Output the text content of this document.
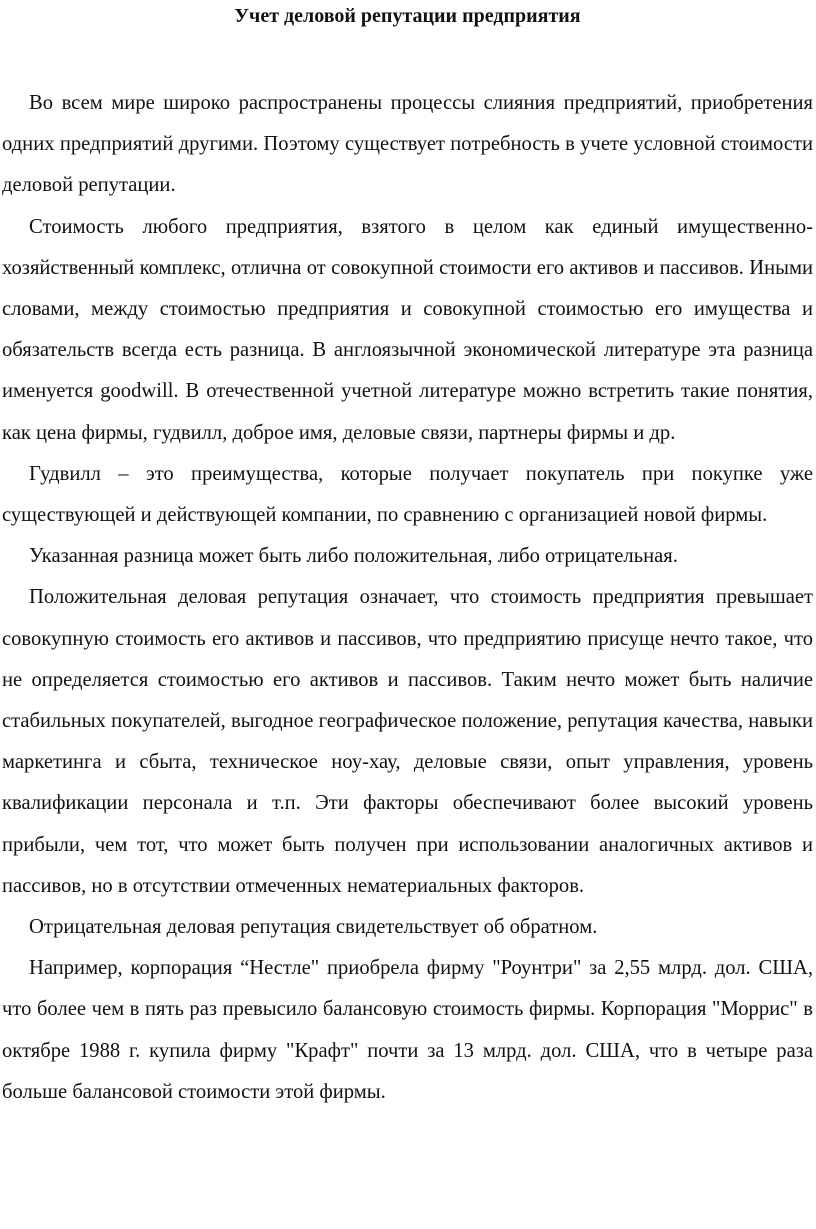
Учет деловой репутации предприятия

Во всем мире широко распространены процессы слияния предприятий, приобретения одних предприятий другими. Поэтому существует потребность в учете условной стоимости деловой репутации.

Стоимость любого предприятия, взятого в целом как единый имущественно-хозяйственный комплекс, отлична от совокупной стоимости его активов и пассивов. Иными словами, между стоимостью предприятия и совокупной стоимостью его имущества и обязательств всегда есть разница. В англоязычной экономической литературе эта разница именуется goodwill. В отечественной учетной литературе можно встретить такие понятия, как цена фирмы, гудвилл, доброе имя, деловые связи, партнеры фирмы и др.

Гудвилл – это преимущества, которые получает покупатель при покупке уже существующей и действующей компании, по сравнению с организацией новой фирмы.

Указанная разница может быть либо положительная, либо отрицательная.

Положительная деловая репутация означает, что стоимость предприятия превышает совокупную стоимость его активов и пассивов, что предприятию присуще нечто такое, что не определяется стоимостью его активов и пассивов. Таким нечто может быть наличие стабильных покупателей, выгодное географическое положение, репутация качества, навыки маркетинга и сбыта, техническое ноу-хау, деловые связи, опыт управления, уровень квалификации персонала и т.п. Эти факторы обеспечивают более высокий уровень прибыли, чем тот, что может быть получен при использовании аналогичных активов и пассивов, но в отсутствии отмеченных нематериальных факторов.

Отрицательная деловая репутация свидетельствует об обратном.

Например, корпорация “Нестле" приобрела фирму "Роунтри" за 2,55 млрд. дол. США, что более чем в пять раз превысило балансовую стоимость фирмы. Корпорация "Моррис" в октябре 1988 г. купила фирму "Крафт" почти за 13 млрд. дол. США, что в четыре раза больше балансовой стоимости этой фирмы.
